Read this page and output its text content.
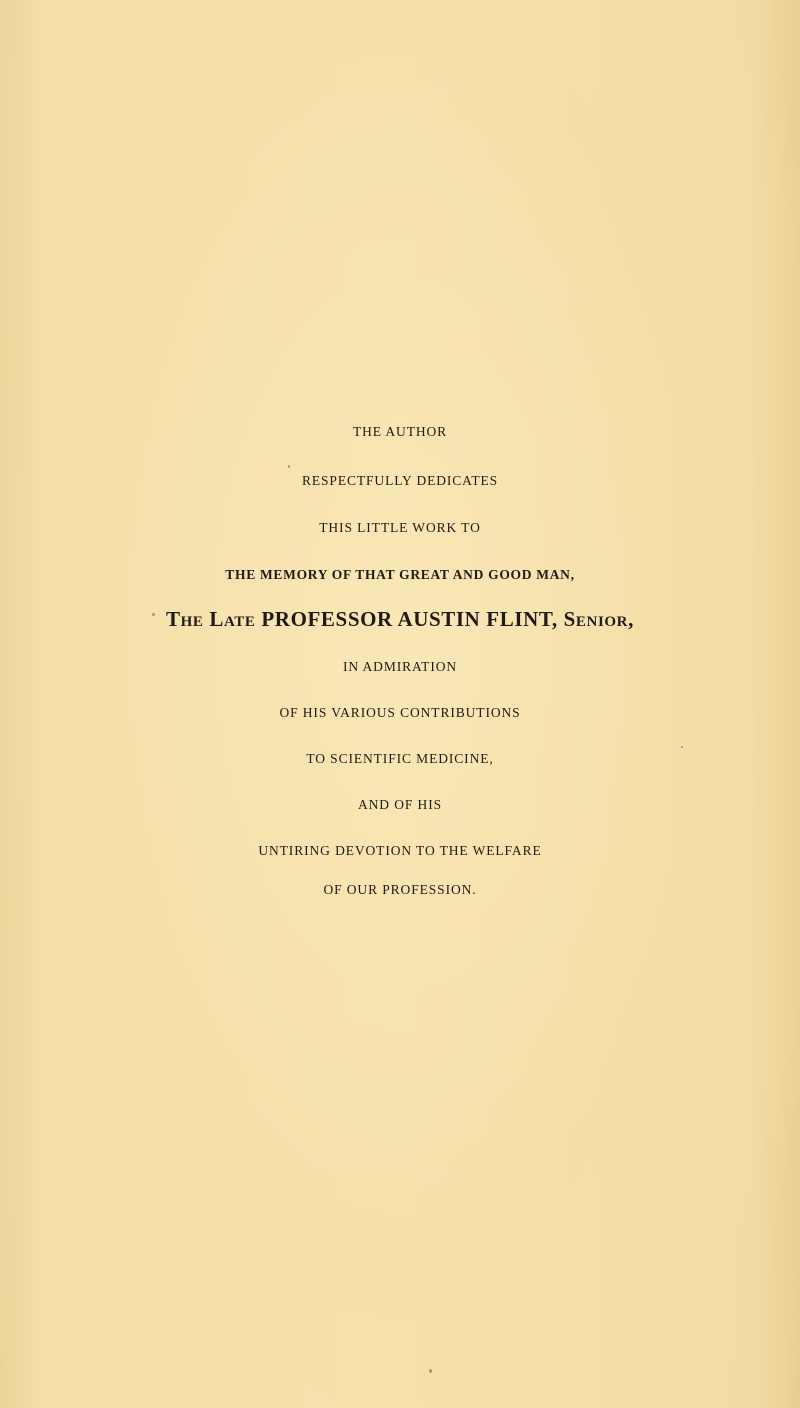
THE AUTHOR
RESPECTFULLY DEDICATES
THIS LITTLE WORK TO
THE MEMORY OF THAT GREAT AND GOOD MAN,
The Late PROFESSOR AUSTIN FLINT, Senior,
IN ADMIRATION
OF HIS VARIOUS CONTRIBUTIONS
TO SCIENTIFIC MEDICINE,
AND OF HIS
UNTIRING DEVOTION TO THE WELFARE
OF OUR PROFESSION.
